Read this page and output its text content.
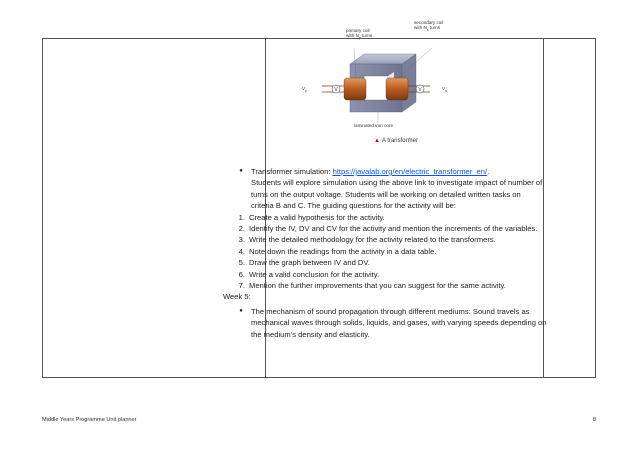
V	V
primary coil
with $N_p$ turns
secondary coil
with $N_s$ turns
$V_p$	$V_s$
laminated iron core
▲ A transformer
●	Transformer simulation: https://javalab.org/en/electric_transformer_en/.
Students will explore simulation using the above link to investigate impact of number of
turns on the output voltage. Students will be working on detailed written tasks on
criteria B and C. The guiding questions for the activity will be:
1. Create a valid hypothesis for the activity.
2. Identify the IV, DV and CV for the activity and mention the increments of the variables.
3. Write the detailed methodology for the activity related to the transformers.
4. Note down the readings from the activity in a data table.
5. Draw the graph between IV and DV.
6. Write a valid conclusion for the activity.
7. Mention the further improvements that you can suggest for the same activity.
Week 5:
●	The mechanism of sound propagation through different mediums: Sound travels as
mechanical waves through solids, liquids, and gases, with varying speeds depending on
the medium’s density and elasticity.
Middle Years Programme Unit planner	8
